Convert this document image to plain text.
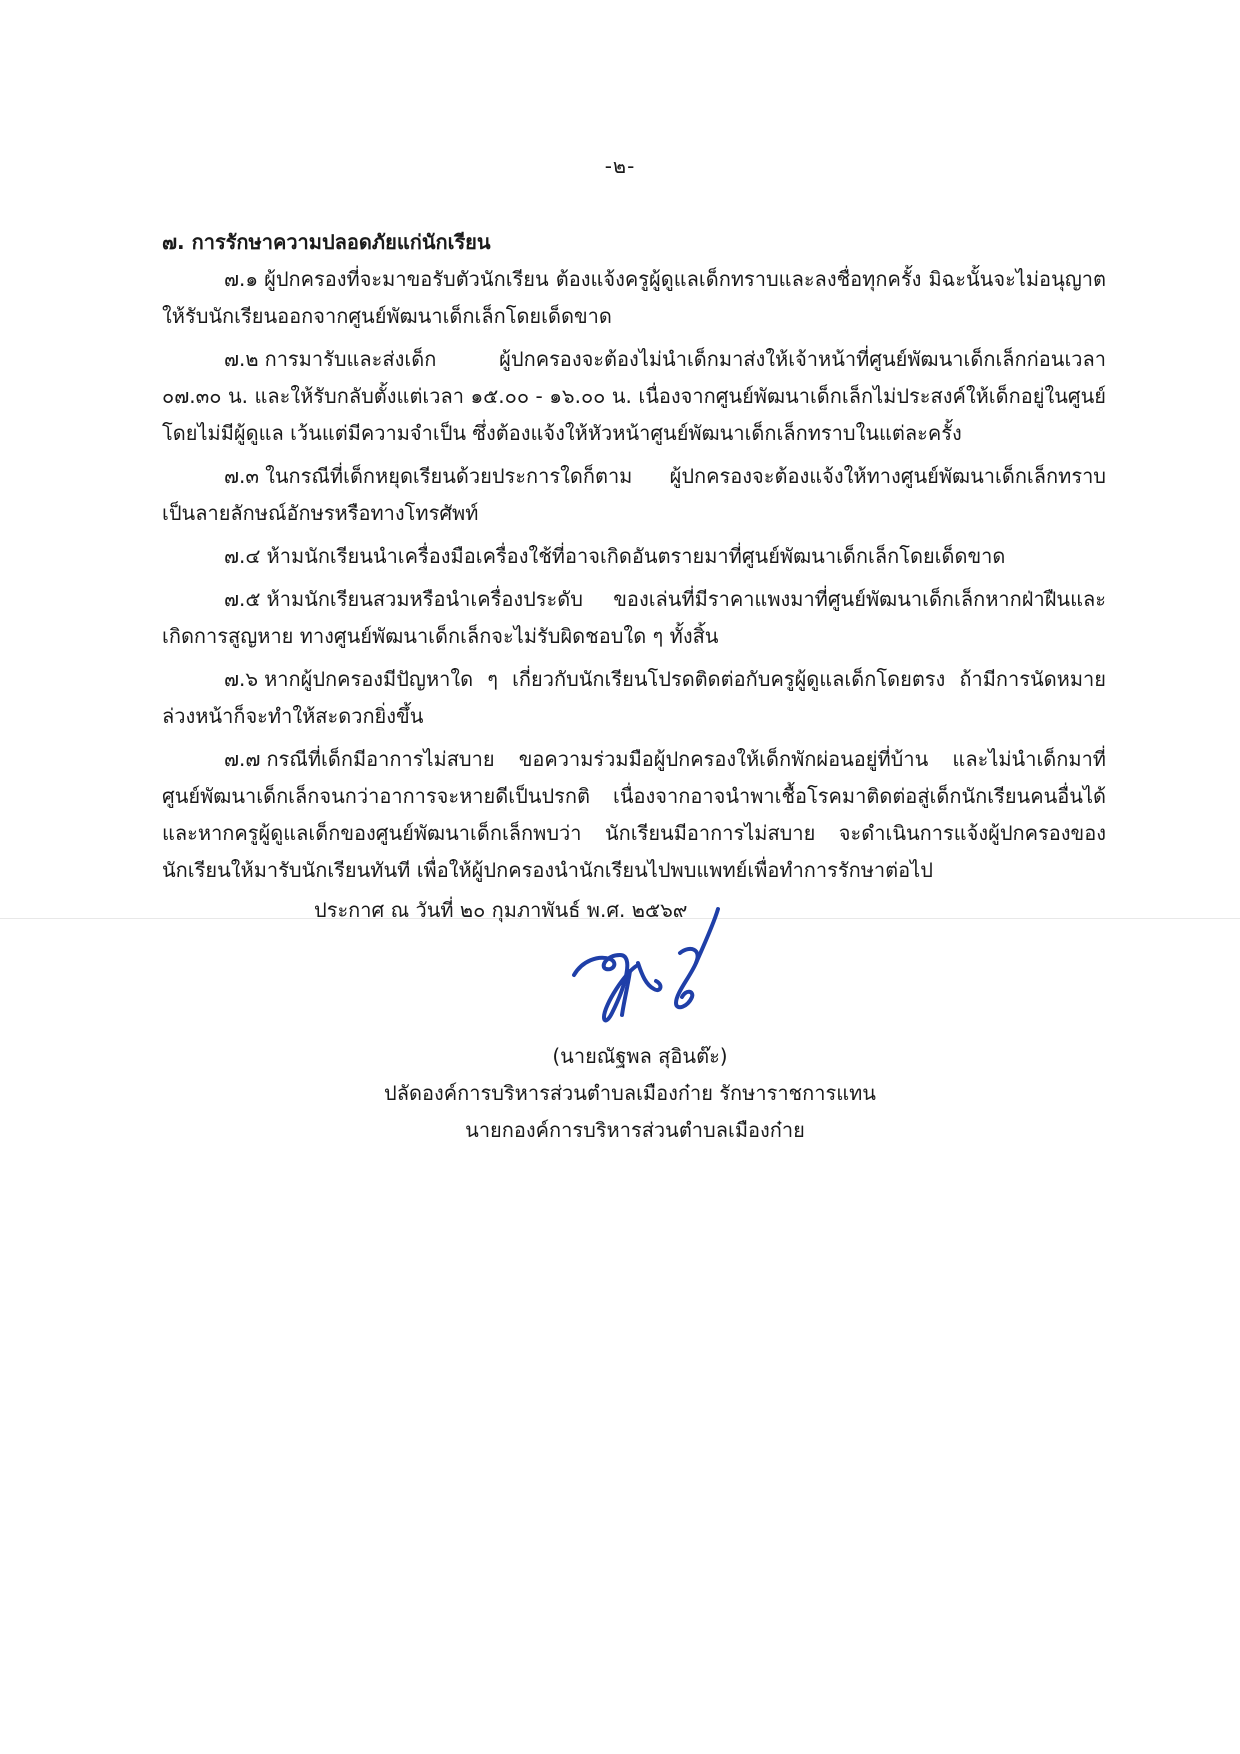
-๒-
๗. การรักษาความปลอดภัยแก่นักเรียน

๗.๑ ผู้ปกครองที่จะมาขอรับตัวนักเรียน ต้องแจ้งครูผู้ดูแลเด็กทราบและลงชื่อทุกครั้ง มิฉะนั้นจะไม่อนุญาตให้รับนักเรียนออกจากศูนย์พัฒนาเด็กเล็กโดยเด็ดขาด

๗.๒ การมารับและส่งเด็ก ผู้ปกครองจะต้องไม่นำเด็กมาส่งให้เจ้าหน้าที่ศูนย์พัฒนาเด็กเล็กก่อนเวลา ๐๗.๓๐ น. และให้รับกลับตั้งแต่เวลา ๑๕.๐๐ - ๑๖.๐๐ น. เนื่องจากศูนย์พัฒนาเด็กเล็กไม่ประสงค์ให้เด็กอยู่ในศูนย์ โดยไม่มีผู้ดูแล เว้นแต่มีความจำเป็น ซึ่งต้องแจ้งให้หัวหน้าศูนย์พัฒนาเด็กเล็กทราบในแต่ละครั้ง

๗.๓ ในกรณีที่เด็กหยุดเรียนด้วยประการใดก็ตาม ผู้ปกครองจะต้องแจ้งให้ทางศูนย์พัฒนาเด็กเล็กทราบเป็นลายลักษณ์อักษรหรือทางโทรศัพท์

๗.๔ ห้ามนักเรียนนำเครื่องมือเครื่องใช้ที่อาจเกิดอันตรายมาที่ศูนย์พัฒนาเด็กเล็กโดยเด็ดขาด

๗.๕ ห้ามนักเรียนสวมหรือนำเครื่องประดับ ของเล่นที่มีราคาแพงมาที่ศูนย์พัฒนาเด็กเล็กหากฝ่าฝืนและเกิดการสูญหาย ทางศูนย์พัฒนาเด็กเล็กจะไม่รับผิดชอบใด ๆ ทั้งสิ้น

๗.๖ หากผู้ปกครองมีปัญหาใด ๆ เกี่ยวกับนักเรียนโปรดติดต่อกับครูผู้ดูแลเด็กโดยตรง ถ้ามีการนัดหมายล่วงหน้าก็จะทำให้สะดวกยิ่งขึ้น

๗.๗ กรณีที่เด็กมีอาการไม่สบาย ขอความร่วมมือผู้ปกครองให้เด็กพักผ่อนอยู่ที่บ้าน และไม่นำเด็กมาที่ศูนย์พัฒนาเด็กเล็กจนกว่าอาการจะหายดีเป็นปรกติ เนื่องจากอาจนำพาเชื้อโรคมาติดต่อสู่เด็กนักเรียนคนอื่นได้และหากครูผู้ดูแลเด็กของศูนย์พัฒนาเด็กเล็กพบว่า นักเรียนมีอาการไม่สบาย จะดำเนินการแจ้งผู้ปกครองของนักเรียนให้มารับนักเรียนทันที เพื่อให้ผู้ปกครองนำนักเรียนไปพบแพทย์เพื่อทำการรักษาต่อไป

ประกาศ ณ วันที่ ๒๐ กุมภาพันธ์ พ.ศ. ๒๕๖๙
(นายณัฐพล สุอินต๊ะ)
ปลัดองค์การบริหารส่วนตำบลเมืองก๋าย รักษาราชการแทน
นายกองค์การบริหารส่วนตำบลเมืองก๋าย
